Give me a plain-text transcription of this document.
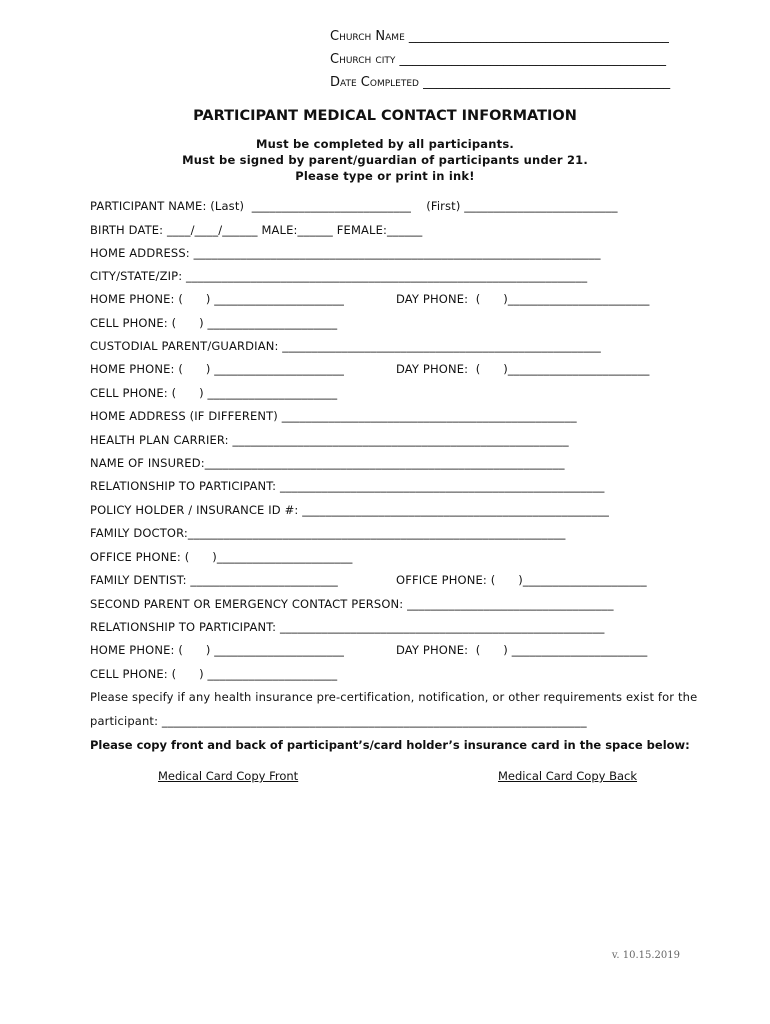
Church Name ________________________________________
Church city _________________________________________
Date Completed ______________________________________
PARTICIPANT MEDICAL CONTACT INFORMATION
Must be completed by all participants.
Must be signed by parent/guardian of participants under 21.
Please type or print in ink!
PARTICIPANT NAME: (Last)  ___________________________    (First) __________________________
BIRTH DATE: ____/____/______ MALE:______ FEMALE:______
HOME ADDRESS: _____________________________________________________________________
CITY/STATE/ZIP: ____________________________________________________________________
HOME PHONE: (      ) ______________________	DAY PHONE:  (      )________________________
CELL PHONE: (      ) ______________________
CUSTODIAL PARENT/GUARDIAN: ______________________________________________________
HOME PHONE: (      ) ______________________	DAY PHONE:  (      )________________________
CELL PHONE: (      ) ______________________
HOME ADDRESS (IF DIFFERENT) __________________________________________________
HEALTH PLAN CARRIER: _________________________________________________________
NAME OF INSURED:_____________________________________________________________
RELATIONSHIP TO PARTICIPANT: _______________________________________________________
POLICY HOLDER / INSURANCE ID #: ____________________________________________________
FAMILY DOCTOR:________________________________________________________________
OFFICE PHONE: (      )_______________________
FAMILY DENTIST: _________________________	OFFICE PHONE: (      )_____________________
SECOND PARENT OR EMERGENCY CONTACT PERSON: ___________________________________
RELATIONSHIP TO PARTICIPANT: _______________________________________________________
HOME PHONE: (      ) ______________________	DAY PHONE:  (      ) _______________________
CELL PHONE: (      ) ______________________
Please specify if any health insurance pre-certification, notification, or other requirements exist for the
participant: ________________________________________________________________________
Please copy front and back of participant’s/card holder’s insurance card in the space below:
Medical Card Copy Front	Medical Card Copy Back
v. 10.15.2019
